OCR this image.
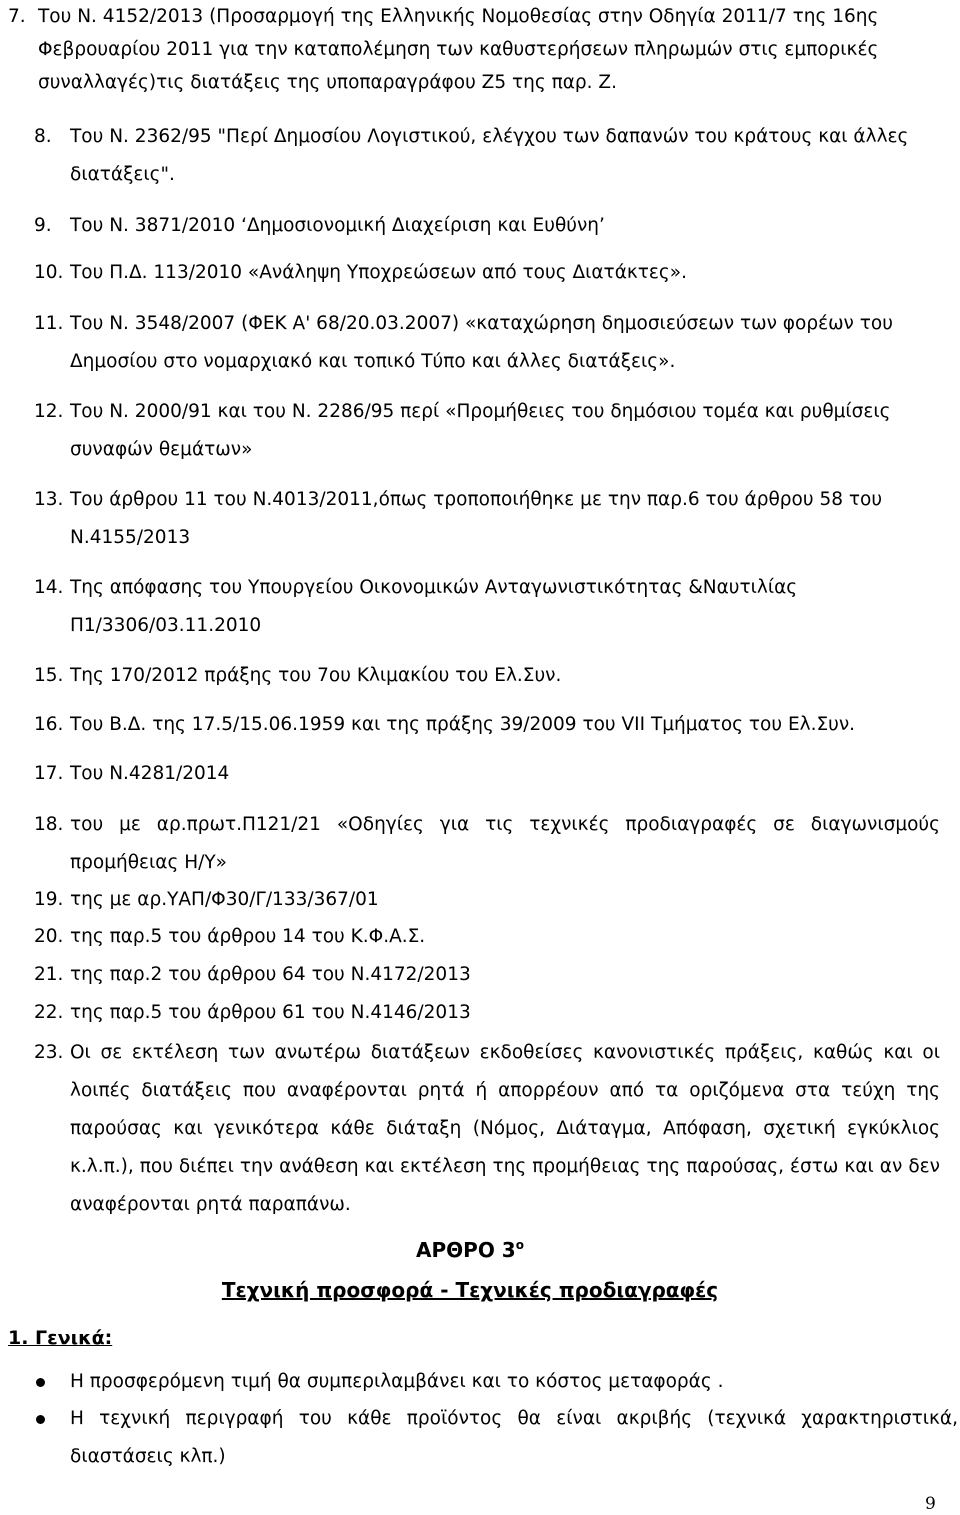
7. Του Ν. 4152/2013 (Προσαρμογή της Ελληνικής Νομοθεσίας στην Οδηγία 2011/7 της 16ης Φεβρουαρίου 2011 για την καταπολέμηση των καθυστερήσεων πληρωμών στις εμπορικές συναλλαγές)τις διατάξεις της υποπαραγράφου Ζ5 της παρ. Ζ.
8. Του Ν. 2362/95 "Περί Δημοσίου Λογιστικού, ελέγχου των δαπανών του κράτους και άλλες διατάξεις".
9. Του Ν. 3871/2010 ‘Δημοσιονομική Διαχείριση και Ευθύνη’
10. Του Π.Δ. 113/2010 «Ανάληψη Υποχρεώσεων από τους Διατάκτες».
11. Του Ν. 3548/2007 (ΦΕΚ Α' 68/20.03.2007) «καταχώρηση δημοσιεύσεων των φορέων του Δημοσίου στο νομαρχιακό και τοπικό Τύπο και άλλες διατάξεις».
12. Του Ν. 2000/91 και του Ν. 2286/95 περί «Προμήθειες του δημόσιου τομέα και ρυθμίσεις συναφών θεμάτων»
13. Του άρθρου 11 του Ν.4013/2011,όπως τροποποιήθηκε με την παρ.6 του άρθρου 58 του Ν.4155/2013
14. Της απόφασης του Υπουργείου Οικονομικών Ανταγωνιστικότητας &Ναυτιλίας Π1/3306/03.11.2010
15. Της 170/2012 πράξης του 7ου Κλιμακίου του Ελ.Συν.
16. Του Β.Δ. της 17.5/15.06.1959 και της πράξης 39/2009 του VII Τμήματος του Ελ.Συν.
17. Του Ν.4281/2014
18. του με αρ.πρωτ.Π121/21 «Οδηγίες για τις τεχνικές προδιαγραφές σε διαγωνισμούς προμήθειας Η/Υ»
19. της με αρ.ΥΑΠ/Φ30/Γ/133/367/01
20. της παρ.5 του άρθρου 14 του Κ.Φ.Α.Σ.
21. της παρ.2 του άρθρου 64 του Ν.4172/2013
22. της παρ.5 του άρθρου 61 του Ν.4146/2013
23. Οι σε εκτέλεση των ανωτέρω διατάξεων εκδοθείσες κανονιστικές πράξεις, καθώς και οι λοιπές διατάξεις που αναφέρονται ρητά ή απορρέουν από τα οριζόμενα στα τεύχη της παρούσας και γενικότερα κάθε διάταξη (Νόμος, Διάταγμα, Απόφαση, σχετική εγκύκλιος κ.λ.π.), που διέπει την ανάθεση και εκτέλεση της προμήθειας της παρούσας, έστω και αν δεν αναφέρονται ρητά παραπάνω.
ΑΡΘΡΟ $3^o$
Τεχνική προσφορά - Τεχνικές προδιαγραφές
1. Γενικά:
Η προσφερόμενη τιμή θα συμπεριλαμβάνει και το κόστος μεταφοράς .
Η τεχνική περιγραφή του κάθε προϊόντος θα είναι ακριβής (τεχνικά χαρακτηριστικά, διαστάσεις κλπ.)
9
